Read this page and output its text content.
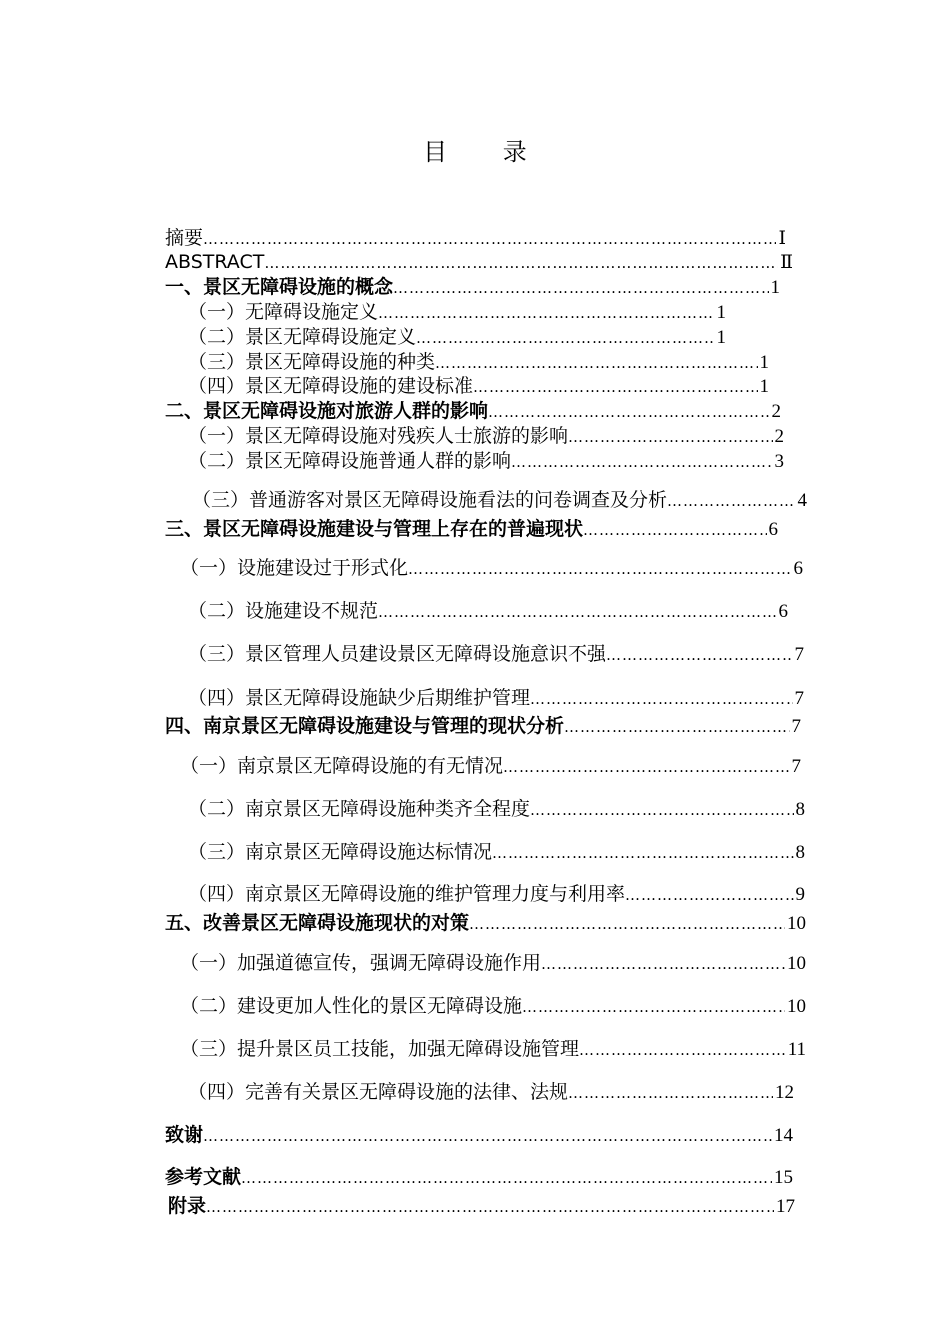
目 录
摘要 ………………………………………………………………………………………………………………………………………………………………………………………………………………………………	Ⅰ
ABSTRACT ………………………………………………………………………………………………………………………………………………………………………………………………………………………………	Ⅱ
一、景区无障碍设施的概念 ………………………………………………………………………………………………………………………………………………………………………………………………………………………………	1
（一）无障碍设施定义 ………………………………………………………………………………………………………………………………………………………………………………………………………………………………	1
（二）景区无障碍设施定义 ………………………………………………………………………………………………………………………………………………………………………………………………………………………………	1
（三）景区无障碍设施的种类 ………………………………………………………………………………………………………………………………………………………………………………………………………………………………	1
（四）景区无障碍设施的建设标准 ………………………………………………………………………………………………………………………………………………………………………………………………………………………………	1
二、景区无障碍设施对旅游人群的影响 ………………………………………………………………………………………………………………………………………………………………………………………………………………………………	2
（一）景区无障碍设施对残疾人士旅游的影响 ………………………………………………………………………………………………………………………………………………………………………………………………………………………………	2
（二）景区无障碍设施普通人群的影响 ………………………………………………………………………………………………………………………………………………………………………………………………………………………………	3
（三）普通游客对景区无障碍设施看法的问卷调查及分析 ………………………………………………………………………………………………………………………………………………………………………………………………………………………………	4
三、景区无障碍设施建设与管理上存在的普遍现状 ………………………………………………………………………………………………………………………………………………………………………………………………………………………………	6
（一）设施建设过于形式化 ………………………………………………………………………………………………………………………………………………………………………………………………………………………………	6
（二）设施建设不规范 ………………………………………………………………………………………………………………………………………………………………………………………………………………………………	6
（三）景区管理人员建设景区无障碍设施意识不强 ………………………………………………………………………………………………………………………………………………………………………………………………………………………………	7
（四）景区无障碍设施缺少后期维护管理 ………………………………………………………………………………………………………………………………………………………………………………………………………………………………	7
四、南京景区无障碍设施建设与管理的现状分析 ………………………………………………………………………………………………………………………………………………………………………………………………………………………………	7
（一）南京景区无障碍设施的有无情况 ………………………………………………………………………………………………………………………………………………………………………………………………………………………………	7
（二）南京景区无障碍设施种类齐全程度 ………………………………………………………………………………………………………………………………………………………………………………………………………………………………	8
（三）南京景区无障碍设施达标情况 ………………………………………………………………………………………………………………………………………………………………………………………………………………………………	8
（四）南京景区无障碍设施的维护管理力度与利用率 ………………………………………………………………………………………………………………………………………………………………………………………………………………………………	9
五、改善景区无障碍设施现状的对策 ………………………………………………………………………………………………………………………………………………………………………………………………………………………………	10
（一）加强道德宣传，强调无障碍设施作用 ………………………………………………………………………………………………………………………………………………………………………………………………………………………………	10
（二）建设更加人性化的景区无障碍设施 ………………………………………………………………………………………………………………………………………………………………………………………………………………………………	10
（三）提升景区员工技能，加强无障碍设施管理 ………………………………………………………………………………………………………………………………………………………………………………………………………………………………	11
（四）完善有关景区无障碍设施的法律、法规 ………………………………………………………………………………………………………………………………………………………………………………………………………………………………	12
致谢 ………………………………………………………………………………………………………………………………………………………………………………………………………………………………	14
参考文献 ………………………………………………………………………………………………………………………………………………………………………………………………………………………………	15
附录 ………………………………………………………………………………………………………………………………………………………………………………………………………………………………	17
